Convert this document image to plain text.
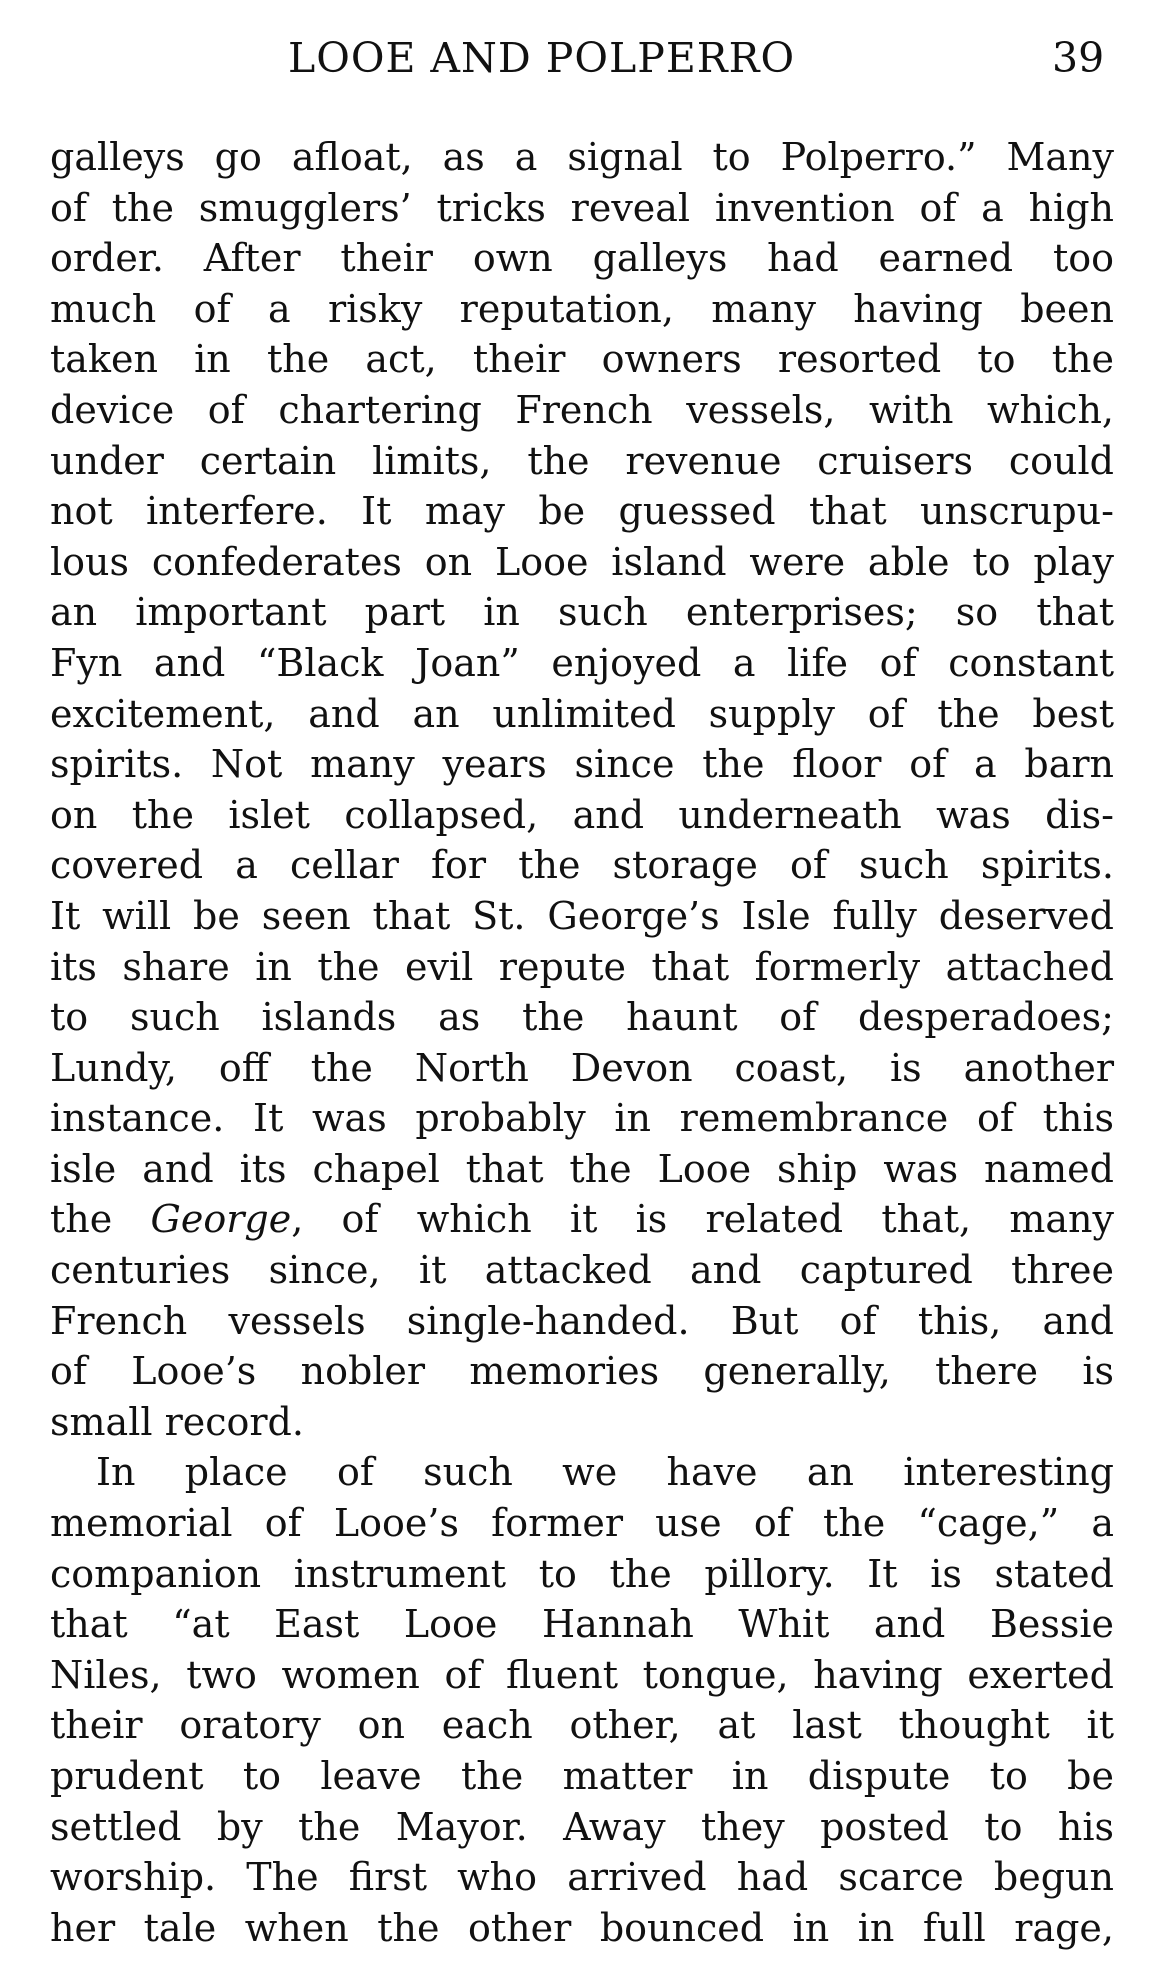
LOOE AND POLPERRO	39
galleys go afloat, as a signal to Polperro.” Many
of the smugglers’ tricks reveal invention of a high
order. After their own galleys had earned too
much of a risky reputation, many having been
taken in the act, their owners resorted to the
device of chartering French vessels, with which,
under certain limits, the revenue cruisers could
not interfere. It may be guessed that unscrupu-
lous confederates on Looe island were able to play
an important part in such enterprises; so that
Fyn and “Black Joan” enjoyed a life of constant
excitement, and an unlimited supply of the best
spirits. Not many years since the floor of a barn
on the islet collapsed, and underneath was dis-
covered a cellar for the storage of such spirits.
It will be seen that St. George’s Isle fully deserved
its share in the evil repute that formerly attached
to such islands as the haunt of desperadoes;
Lundy, off the North Devon coast, is another
instance. It was probably in remembrance of this
isle and its chapel that the Looe ship was named
the George, of which it is related that, many
centuries since, it attacked and captured three
French vessels single-handed. But of this, and
of Looe’s nobler memories generally, there is
small record.
In place of such we have an interesting
memorial of Looe’s former use of the “cage,” a
companion instrument to the pillory. It is stated
that “at East Looe Hannah Whit and Bessie
Niles, two women of fluent tongue, having exerted
their oratory on each other, at last thought it
prudent to leave the matter in dispute to be
settled by the Mayor. Away they posted to his
worship. The first who arrived had scarce begun
her tale when the other bounced in in full rage,
